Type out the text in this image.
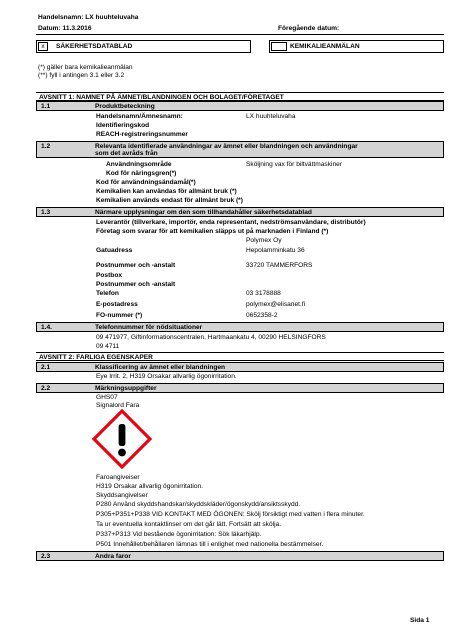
Handelsnamn: LX huuhteluvaha
Datum: 11.3.2016	Föregående datum:
x	SÄKERHETSDATABLAD	KEMIKALIEANMÄLAN
(*) gäller bara kemikalieanmälan
(**) fyll i antingen 3.1 eller 3.2
AVSNITT 1: NAMNET PÅ ÄMNET/BLANDNINGEN OCH BOLAGET/FÖRETAGET
1.1	Produktbeteckning
Handelsnamn/Ämnesnamn:	LX huuhteluvaha
Identifieringskod
REACH-registreringsnummer
1.2	Relevanta identifierade användningar av ämnet eller blandningen och användningar
som det avråds från
Användningsområde	Sköljning vax för biltvättmaskiner
Kod för näringsgren(*)
Kod för användningsändamål(*)
Kemikalien kan användas för allmänt bruk (*)
Kemikalien används endast för allmänt bruk (*)
1.3	Närmare upplysningar om den som tillhandahåller säkerhetsdatablad
Leverantör (tillverkare, importör, enda representant, nedströmsanvändare, distributör)
Företag som svarar för att kemikalien släpps ut på marknaden i Finland (*)
Polymex Oy
Gatuadress	Hepolamminkatu 36
Postnummer och -anstalt	33720 TAMMERFORS
Postbox
Postnummer och -anstalt
Telefon	03 3178888
E-postadress	polymex@elisanet.fi
FO-nummer (*)	0652358-2
1.4.	Telefonnummer för nödsituationer
09 471977, Giftinformationscentralen, Hartmaankatu 4, 00290 HELSINGFORS
09 4711
AVSNITT 2: FARLIGA EGENSKAPER
2.1	Klassificering av ämnet eller blandningen
Eye Irrit. 2, H319 Orsakar allvarlig ögonirritation.
2.2	Märkningsuppgifter
GHS07
Signalord Fara
Faroangiveiser
H319 Orsakar allvarlig ögonirritation.
Skyddsangivelser
P280 Använd skyddshandskar/skyddskläder/ögonskydd/ansiktsskydd.
P305+P351+P338 VID KONTAKT MED ÖGONEN: Skölj försiktigt med vatten i flera minuter.
Ta ur eventuella kontaktlinser om det går lätt. Fortsätt att skölja.
P337+P313 Vid bestående ögonirritation: Sök läkarhjälp.
P501 Innehållet/behållaren lämnas till i enlighet med nationella bestämmelser.
2.3	Andra faror
Sida 1
